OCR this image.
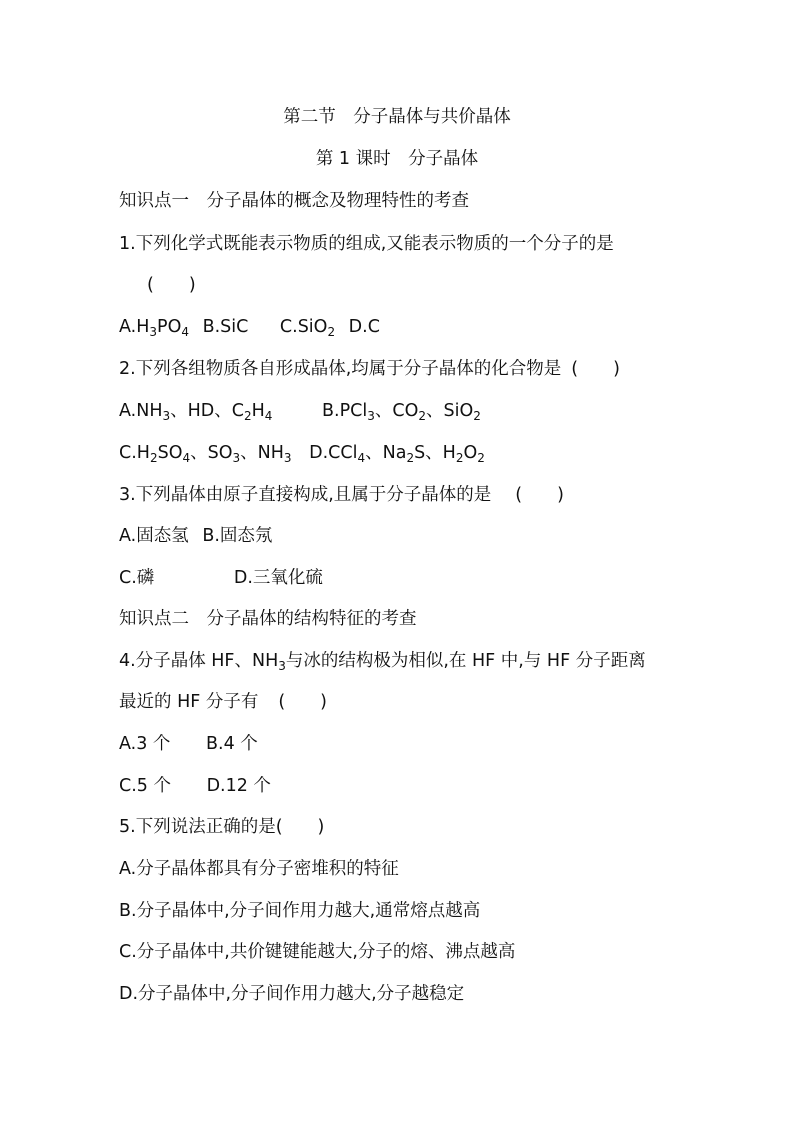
第二节　分子晶体与共价晶体
第 1 课时　分子晶体
知识点一　分子晶体的概念及物理特性的考查
1.下列化学式既能表示物质的组成,又能表示物质的一个分子的是
(　　)
$A.H_3PO_4$ B.SiC C.SiO$_2$ D.C
2.下列各组物质各自形成晶体,均属于分子晶体的化合物是 (　　)
$A.NH_3$、HD、$C_2H_4$	B.PCl$_3$、$CO_2$、SiO$_2$
$C.H_2SO_4$、$SO_3$、$NH_3$ D.CCl$_4$、$Na_2S$、$H_2O_2$
3.下列晶体由原子直接构成,且属于分子晶体的是 (　　)
A.固态氢 B.固态氖
C.磷	D.三氧化硫
知识点二　分子晶体的结构特征的考查
4.分子晶体 HF、$NH_3$与冰的结构极为相似,在 HF 中,与 HF 分子距离
最近的 HF 分子有 (　　)
A.3 个 B.4 个
C.5 个 D.12 个
5.下列说法正确的是(　　)
A.分子晶体都具有分子密堆积的特征
B.分子晶体中,分子间作用力越大,通常熔点越高
C.分子晶体中,共价键键能越大,分子的熔、沸点越高
D.分子晶体中,分子间作用力越大,分子越稳定
